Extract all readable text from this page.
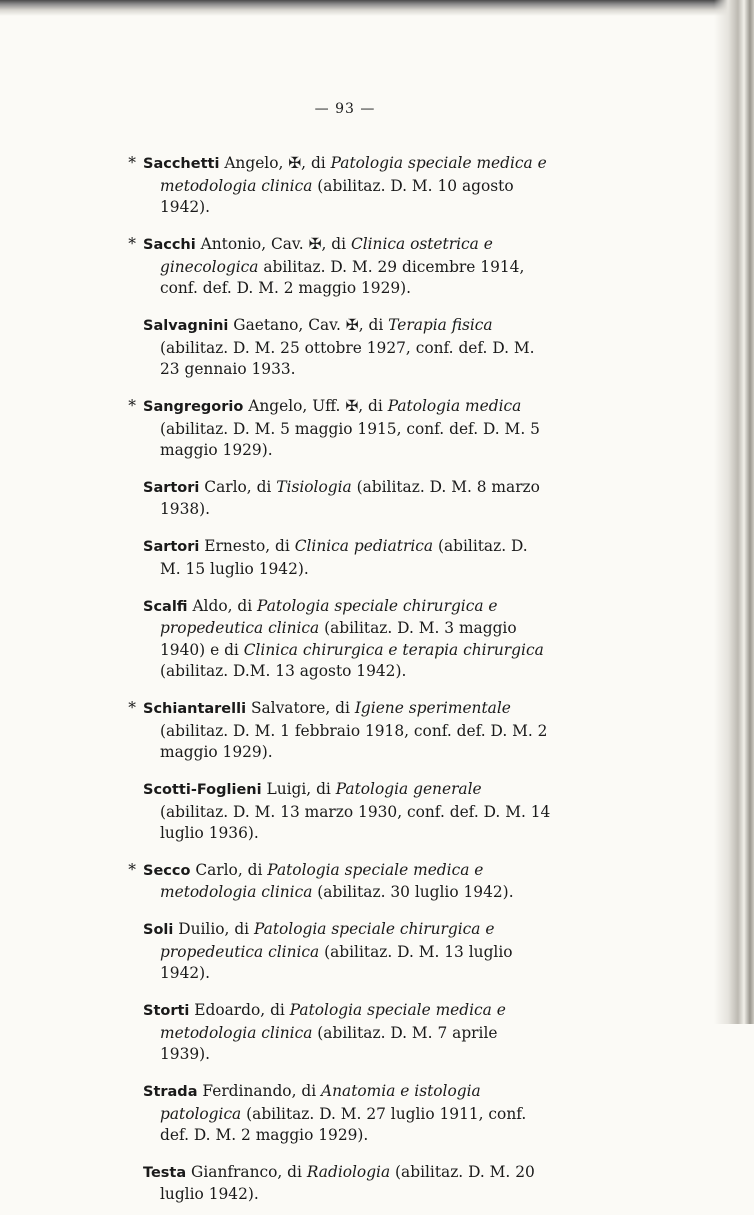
— 93 —

* Sacchetti Angelo, ✠, di Patologia speciale medica e metodologia clinica (abilitaz. D. M. 10 agosto 1942).

* Sacchi Antonio, Cav. ✠, di Clinica ostetrica e ginecologica abilitaz. D. M. 29 dicembre 1914, conf. def. D. M. 2 maggio 1929).

Salvagnini Gaetano, Cav. ✠, di Terapia fisica (abilitaz. D. M. 25 ottobre 1927, conf. def. D. M. 23 gennaio 1933.

* Sangregorio Angelo, Uff. ✠, di Patologia medica (abilitaz. D. M. 5 maggio 1915, conf. def. D. M. 5 maggio 1929).

Sartori Carlo, di Tisiologia (abilitaz. D. M. 8 marzo 1938).

Sartori Ernesto, di Clinica pediatrica (abilitaz. D. M. 15 luglio 1942).

Scalfi Aldo, di Patologia speciale chirurgica e propedeutica clinica (abilitaz. D. M. 3 maggio 1940) e di Clinica chirurgica e terapia chirurgica (abilitaz. D.M. 13 agosto 1942).

* Schiantarelli Salvatore, di Igiene sperimentale (abilitaz. D. M. 1 febbraio 1918, conf. def. D. M. 2 maggio 1929).

Scotti-Foglieni Luigi, di Patologia generale (abilitaz. D. M. 13 marzo 1930, conf. def. D. M. 14 luglio 1936).

* Secco Carlo, di Patologia speciale medica e metodologia clinica (abilitaz. 30 luglio 1942).

Soli Duilio, di Patologia speciale chirurgica e propedeutica clinica (abilitaz. D. M. 13 luglio 1942).

Storti Edoardo, di Patologia speciale medica e metodologia clinica (abilitaz. D. M. 7 aprile 1939).

Strada Ferdinando, di Anatomia e istologia patologica (abilitaz. D. M. 27 luglio 1911, conf. def. D. M. 2 maggio 1929).

Testa Gianfranco, di Radiologia (abilitaz. D. M. 20 luglio 1942).
